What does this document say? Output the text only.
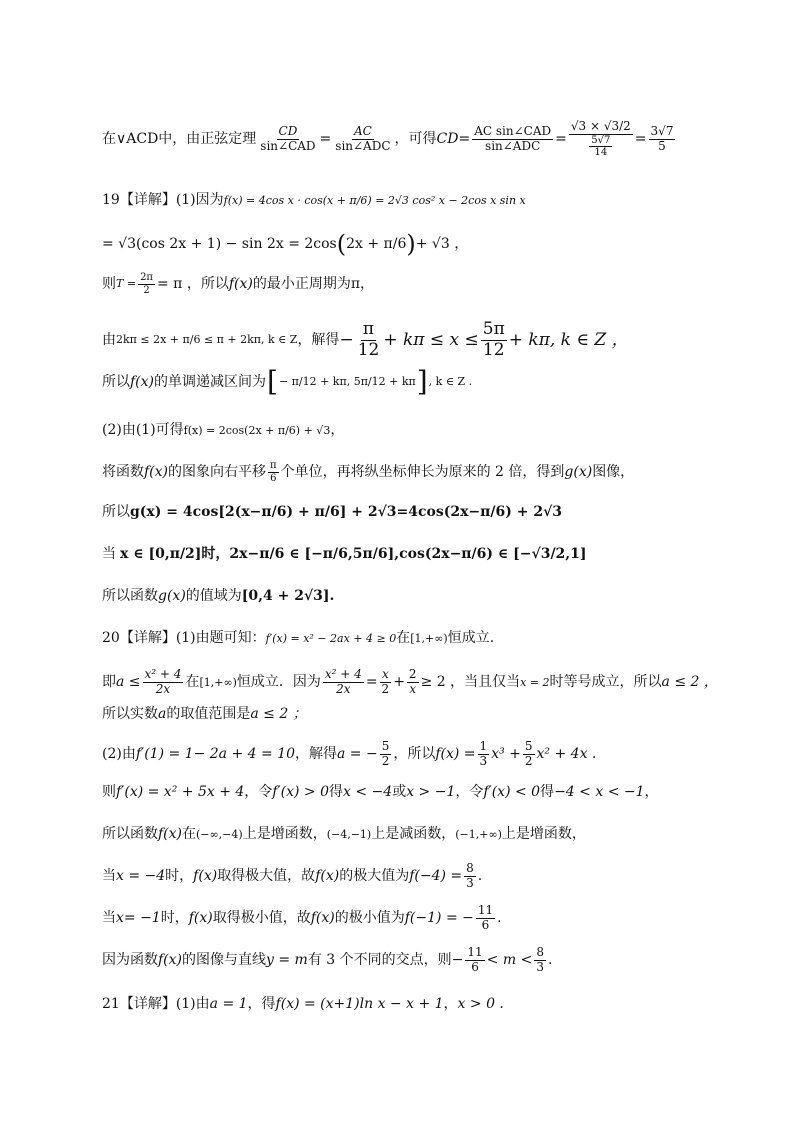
在∨ACD中，由正弦定理 $\frac{CD}{\text{sin∠CAD}} = \frac{AC}{\text{sin∠ADC}}$ ，可得 CD = $\frac{\text{AC sin∠CAD}}{\text{sin∠ADC}} = \frac{√3 \times √3/2}{\frac{5√7}{14}} = \frac{3√7}{5}$
19【详解】(1)因为 f(x) = 4cos x · cos(x + π/6) = 2√3 cos² x − 2cos x sin x
= √3(cos 2x + 1) − sin 2x = 2cos ( 2x + π/6 ) + √3 ，
则 $T = \frac{2\pi}{2} = \pi$ ，所以 f(x) 的最小正周期为π，
由 2kπ ≤ 2x + π/6 ≤ π + 2kπ, k ∈ Z ，解得 − $\frac{\pi}{12} + k\pi \le x \le \frac{5\pi}{12} + k\pi$, k ∈ Z ，
所以 f(x) 的单调递减区间为 [ − π/12 + kπ, 5π/12 + kπ ] , k ∈ Z .
(2)由(1)可得 f(x) = 2cos(2x + π/6) + √3 ，
将函数 f(x) 的图象向右平移 $\frac{\pi}{6}$ 个单位，再将纵坐标伸长为原来的 2 倍，得到 g(x) 图像，
所以 g(x) = 4cos[2(x−π/6) + π/6] + 2√3=4cos(2x−π/6) + 2√3
当 x ∈ [0,π/2]时，2x−π/6 ∈ [−π/6,5π/6],cos(2x−π/6) ∈ [−√3/2,1]
所以函数 g(x) 的值域为 [0,4 + 2√3].
20【详解】(1)由题可知： f′(x) = x² − 2ax + 4 ≥ 0 在 [1,+∞) 恒成立.
即 $a \le \frac{\text{x² + 4}}{2x}$ 在 [1,+∞) 恒成立．因为 $\frac{\text{x² + 4}}{2x} = \frac{x}{2} + \frac{2}{x} \ge 2$ ，当且仅当 x = 2 时等号成立，所以 a ≤ 2 ，
所以实数 a 的取值范围是 a ≤ 2 ；
(2)由 f′(1) = 1− 2a + 4 = 10 ，解得 a = − $\frac{5}{2}$ ，所以 $f(x) = \frac{1}{3} x^3 + \frac{5}{2} x^2 + 4x$ .
则 f′(x) = x² + 5x + 4 ，令 f′(x) > 0 得 x < −4 或 x > −1 ，令 f′(x) < 0 得 −4 < x < −1 ，
所以函数 f(x) 在 (−∞,−4) 上是增函数， (−4,−1) 上是减函数， (−1,+∞) 上是增函数，
当 x = −4 时， f(x) 取得极大值，故 f(x) 的极大值为 $f(-4) = \frac{8}{3}$ .
当 x= −1 时， f(x) 取得极小值，故 f(x) 的极小值为 f(−1) = − $\frac{11}{6}$ .
因为函数 f(x) 的图像与直线 y = m 有 3 个不同的交点，则 − $\frac{11}{6} < m < \frac{8}{3}$ .
21【详解】(1)由 a = 1 ，得 f(x) = (x+1)ln x − x + 1 ， x > 0 .
